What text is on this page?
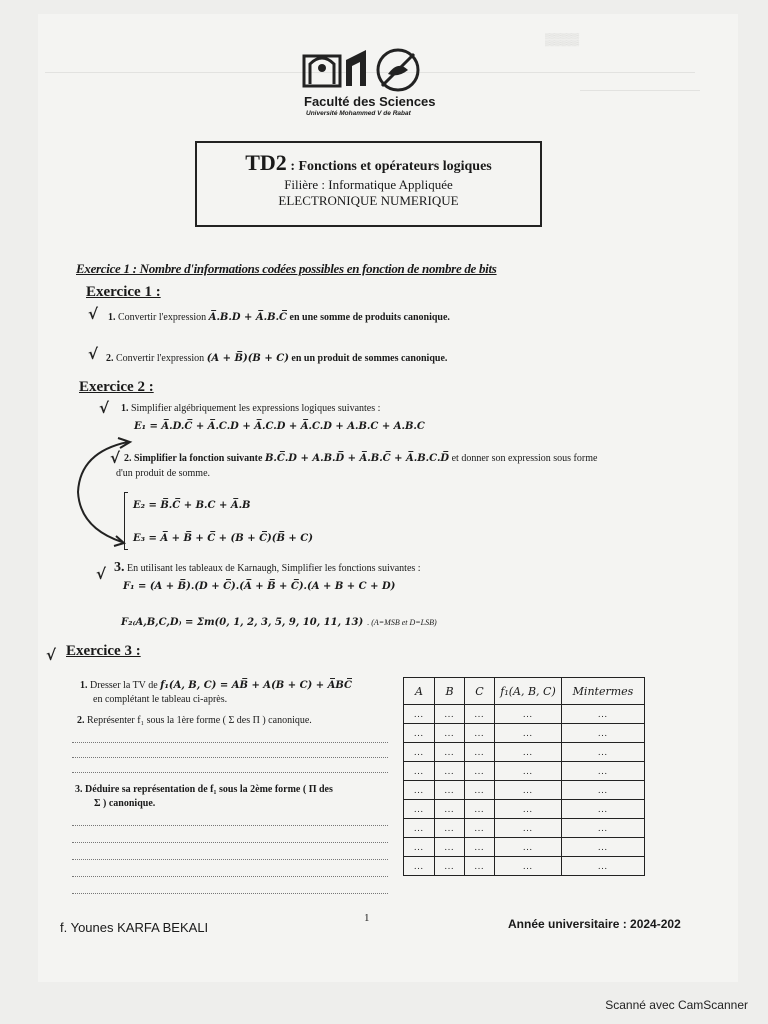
▒▒▒▒
Faculté des Sciences
Université Mohammed V de Rabat
TD2 : Fonctions et opérateurs logiques
Filière : Informatique Appliquée
ELECTRONIQUE NUMERIQUE
Exercice 1 : Nombre d'informations codées possibles en fonction de nombre de bits
Exercice 1 :
√ 1. Convertir l'expression A̅.B.D + A̅.B.C̅ en une somme de produits canonique.
√ 2. Convertir l'expression (A + B̅)(B + C) en un produit de sommes canonique.
Exercice 2 :
√ 1. Simplifier algébriquement les expressions logiques suivantes :
E₁ = A̅.D.C̅ + A̅.C.D + A̅.C.D + A̅.C.D + A.B.C + A.B.C
√ 2. Simplifier la fonction suivante B.C̅.D + A.B.D̅ + A̅.B.C̅ + A̅.B.C.D̅ et donner son expression sous forme
d'un produit de somme.
E₂ = B̅.C̅ + B.C + A̅.B
E₃ = A̅ + B̅ + C̅ + (B + C̅)(B̅ + C)
√ 3. En utilisant les tableaux de Karnaugh, Simplifier les fonctions suivantes :
F₁ = (A + B̅).(D + C̅).(A̅ + B̅ + C̅).(A + B + C + D)
F₂₍A,B,C,D₎ = Σm(0, 1, 2, 3, 5, 9, 10, 11, 13) . (A=MSB et D=LSB)
√ Exercice 3 :
1. Dresser la TV de f₁(A, B, C) = AB̅ + A(B + C) + A̅BC̅
en complétant le tableau ci-après.
2. Représenter f₁ sous la 1ère forme ( Σ des Π ) canonique.
3. Déduire sa représentation de f₁ sous la 2ème forme ( Π des
Σ ) canonique.
A	B	C	f₁(A, B, C)	Mintermes
...	...	...	...	...
...	...	...	...	...
...	...	...	...	...
...	...	...	...	...
...	...	...	...	...
...	...	...	...	...
...	...	...	...	...
...	...	...	...	...
...	...	...	...	...
f. Younes KARFA BEKALI
1	Année universitaire : 2024-202
Scanné avec CamScanner
